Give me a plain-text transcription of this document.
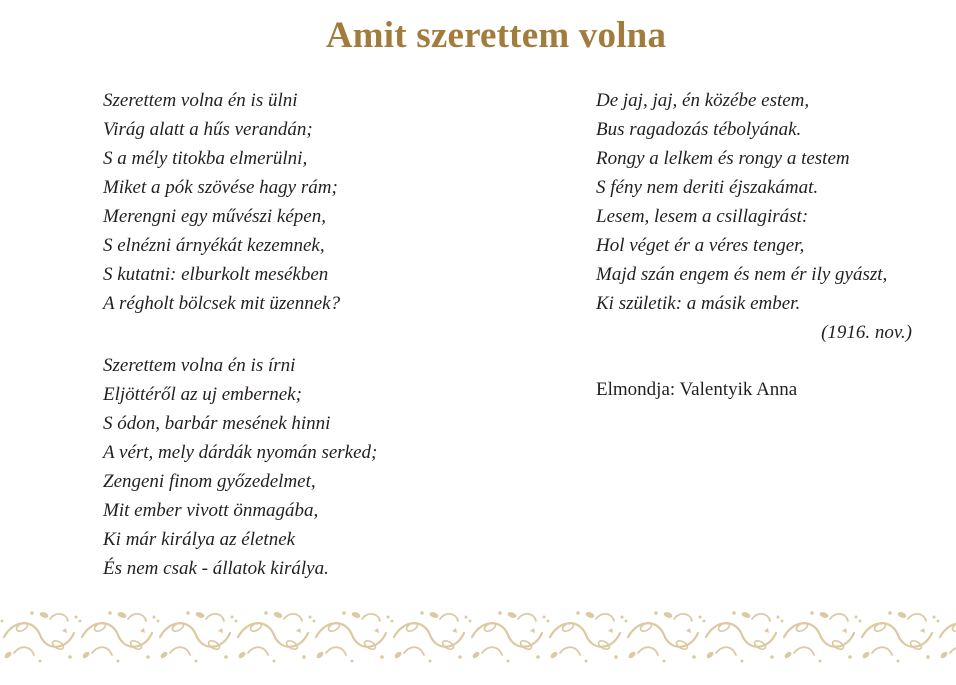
Amit szerettem volna
Szerettem volna én is ülni
Virág alatt a hűs verandán;
S a mély titokba elmerülni,
Miket a pók szövése hagy rám;
Merengni egy művészi képen,
S elnézni árnyékát kezemnek,
S kutatni: elburkolt mesékben
A régholt bölcsek mit üzennek?
Szerettem volna én is írni
Eljöttéről az uj embernek;
S ódon, barbár mesének hinni
A vért, mely dárdák nyomán serked;
Zengeni finom győzedelmet,
Mit ember vivott önmagába,
Ki már királya az életnek
És nem csak - állatok királya.
De jaj, jaj, én közébe estem,
Bus ragadozás tébolyának.
Rongy a lelkem és rongy a testem
S fény nem deriti éjszakámat.
Lesem, lesem a csillagirást:
Hol véget ér a véres tenger,
Majd szán engem és nem ér ily gyászt,
Ki születik: a másik ember.
(1916. nov.)
Elmondja: Valentyik Anna
